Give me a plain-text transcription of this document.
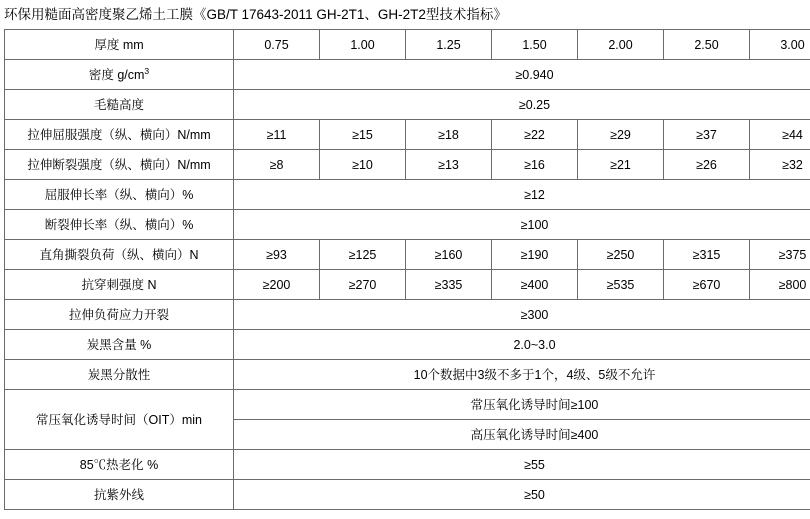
环保用糙面高密度聚乙烯土工膜《GB/T 17643-2011 GH-2T1、GH-2T2型技术指标》
厚度 mm	0.75	1.00	1.25	1.50	2.00	2.50	3.00
密度 $g/cm^3$	≥0.940						
毛糙高度	≥0.25						
拉伸屈服强度（纵、横向）N/mm	≥11	≥15	≥18	≥22	≥29	≥37	≥44
拉伸断裂强度（纵、横向）N/mm	≥8	≥10	≥13	≥16	≥21	≥26	≥32
屈服伸长率（纵、横向）%	≥12						
断裂伸长率（纵、横向）%	≥100						
直角撕裂负荷（纵、横向）N	≥93	≥125	≥160	≥190	≥250	≥315	≥375
抗穿刺强度 N	≥200	≥270	≥335	≥400	≥535	≥670	≥800
拉伸负荷应力开裂	≥300						
炭黑含量 %	2.0~3.0						
炭黑分散性	10个数据中3级不多于1个，4级、5级不允许						
常压氧化诱导时间（OIT）min	常压氧化诱导时间≥100						
	高压氧化诱导时间≥400						
85℃热老化 %	≥55						
抗紫外线	≥50						
